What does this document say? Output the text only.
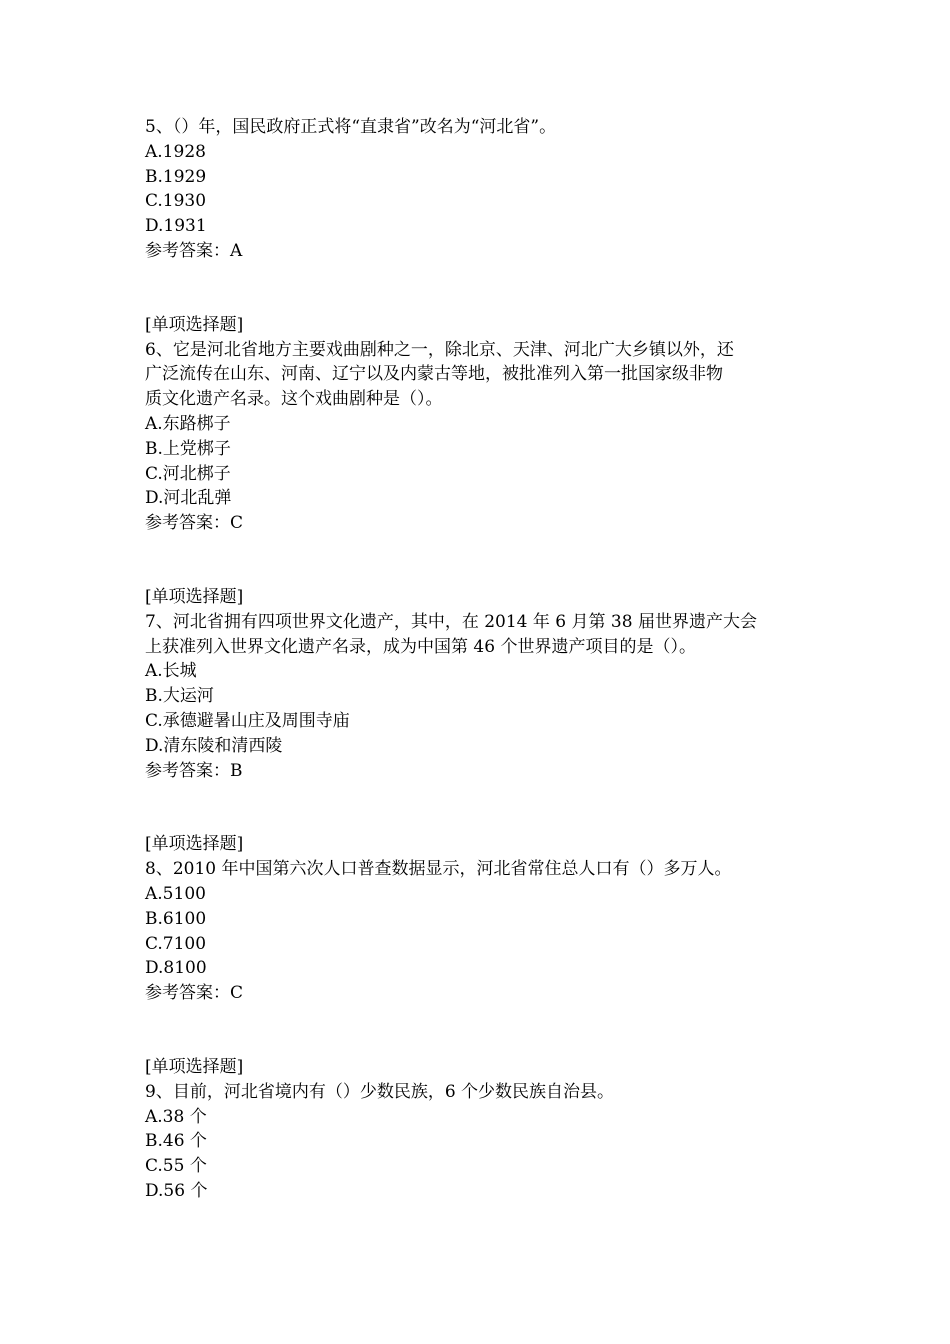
5、（）年，国民政府正式将“直隶省”改名为“河北省”。
A.1928
B.1929
C.1930
D.1931
参考答案：A
[单项选择题]
6、它是河北省地方主要戏曲剧种之一，除北京、天津、河北广大乡镇以外，还
广泛流传在山东、河南、辽宁以及内蒙古等地，被批准列入第一批国家级非物
质文化遗产名录。这个戏曲剧种是（）。
A.东路梆子
B.上党梆子
C.河北梆子
D.河北乱弹
参考答案：C
[单项选择题]
7、河北省拥有四项世界文化遗产，其中，在 2014 年 6 月第 38 届世界遗产大会
上获准列入世界文化遗产名录，成为中国第 46 个世界遗产项目的是（）。
A.长城
B.大运河
C.承德避暑山庄及周围寺庙
D.清东陵和清西陵
参考答案：B
[单项选择题]
8、2010 年中国第六次人口普查数据显示，河北省常住总人口有（）多万人。
A.5100
B.6100
C.7100
D.8100
参考答案：C
[单项选择题]
9、目前，河北省境内有（）少数民族，6 个少数民族自治县。
A.38 个
B.46 个
C.55 个
D.56 个
